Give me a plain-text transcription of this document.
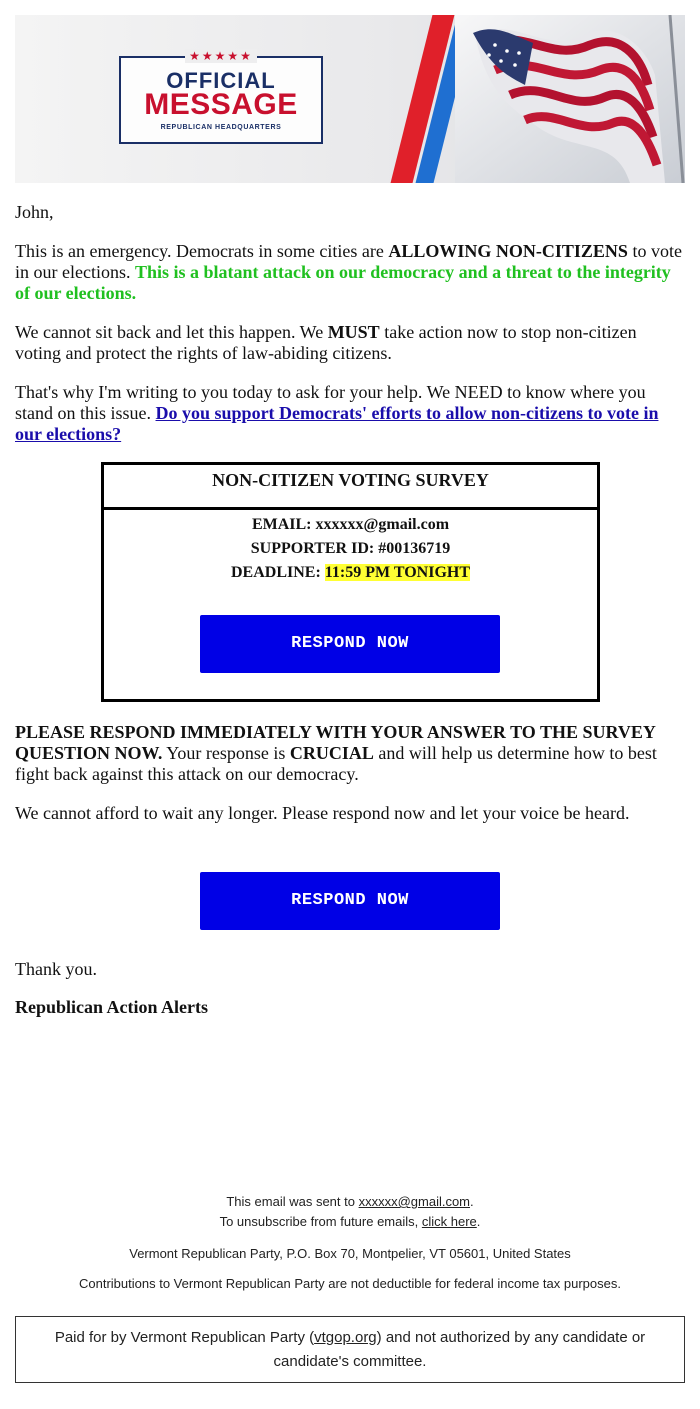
★★★★★
OFFICIAL
MESSAGE
REPUBLICAN HEADQUARTERS

John,

This is an emergency. Democrats in some cities are ALLOWING NON-CITIZENS to vote in our elections. This is a blatant attack on our democracy and a threat to the integrity of our elections.

We cannot sit back and let this happen. We MUST take action now to stop non-citizen voting and protect the rights of law-abiding citizens.

That's why I'm writing to you today to ask for your help. We NEED to know where you stand on this issue. Do you support Democrats' efforts to allow non-citizens to vote in our elections?

NON-CITIZEN VOTING SURVEY
EMAIL: xxxxxx@gmail.com
SUPPORTER ID: #00136719
DEADLINE: 11:59 PM TONIGHT
RESPOND NOW

PLEASE RESPOND IMMEDIATELY WITH YOUR ANSWER TO THE SURVEY QUESTION NOW. Your response is CRUCIAL and will help us determine how to best fight back against this attack on our democracy.

We cannot afford to wait any longer. Please respond now and let your voice be heard.

RESPOND NOW

Thank you.

Republican Action Alerts

This email was sent to xxxxxx@gmail.com.
To unsubscribe from future emails, click here.
Vermont Republican Party, P.O. Box 70, Montpelier, VT 05601, United States
Contributions to Vermont Republican Party are not deductible for federal income tax purposes.
Paid for by Vermont Republican Party (vtgop.org) and not authorized by any candidate or candidate's committee.
